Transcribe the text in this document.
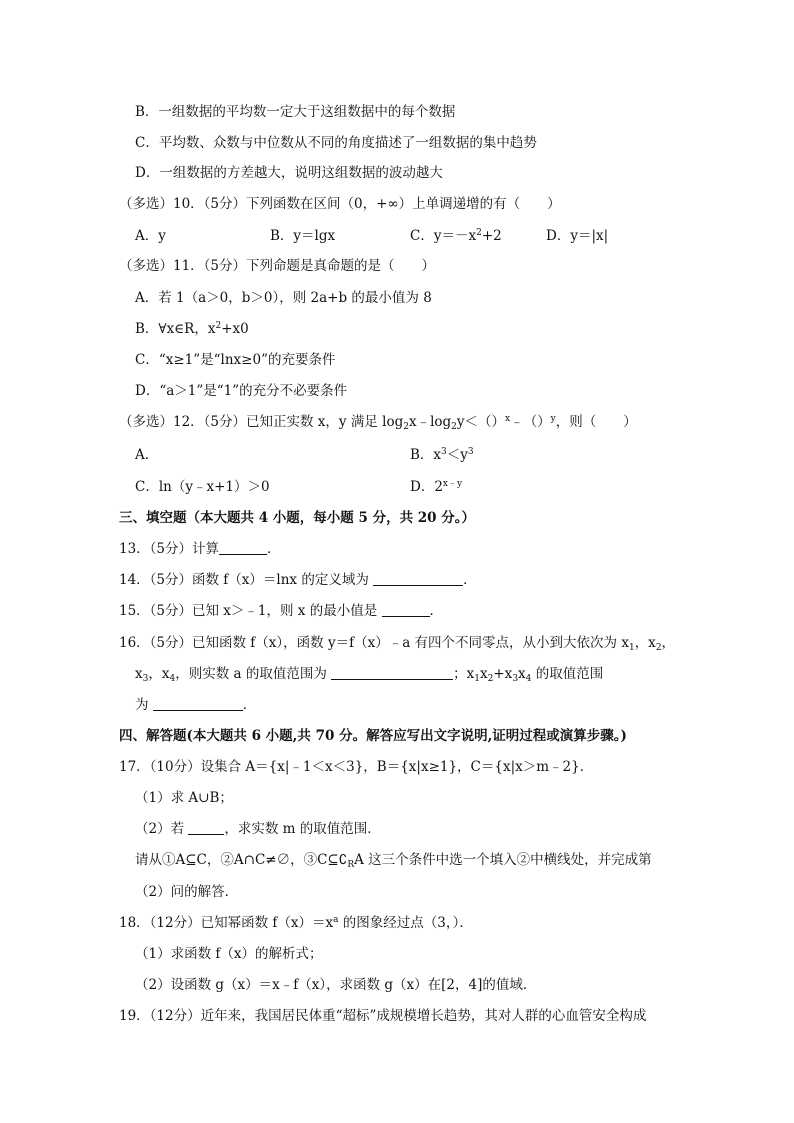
B．一组数据的平均数一定大于这组数据中的每个数据
C．平均数、众数与中位数从不同的角度描述了一组数据的集中趋势
D．一组数据的方差越大，说明这组数据的波动越大
（多选）10．（5分）下列函数在区间（0，+∞）上单调递增的有（　　）
A．y	B．y＝lgx	C．$y=-x^2+2$	D．y＝|x|
（多选）11．（5分）下列命题是真命题的是（　　）
A．若 1（a＞0，b＞0），则 2a+b 的最小值为 8
B．∀x∈R，$x^2+x0$
C．“x≥1”是“lnx≥0”的充要条件
D．“a＞1”是“1”的充分不必要条件
（多选）12．（5分）已知正实数 x，y 满足 $\log_2x﹣\log_2y<()^x﹣()^y$，则（　　）
A．	B．$x^3<y^3$
C．ln（y﹣x+1）＞0	D．$2^{x﹣y}$
三、填空题（本大题共 4 小题，每小题 5 分，共 20 分。）
13．（5分）计算	．
14．（5分）函数 f（x）＝lnx 的定义域为	．
15．（5分）已知 x＞﹣1，则 x 的最小值是	．
16．（5分）已知函数 f（x），函数 y＝f（x）﹣a 有四个不同零点，从小到大依次为 $x_1$，$x_2$，
$x_3$，$x_4$，则实数 a 的取值范围为	；$x_1x_2+x_3x_4$ 的取值范围
为	．
四、解答题(本大题共 6 小题,共 70 分。解答应写出文字说明,证明过程或演算步骤。)
17．（10分）设集合 A＝{x|﹣1＜x＜3}，B＝{x|x≥1}，C＝{x|x＞m﹣2}．
（1）求 A∪B；
（2）若	，求实数 m 的取值范围．
请从①A⊆C，②A∩C≠∅，$③C⊆∁_RA$ 这三个条件中选一个填入②中横线处，并完成第
（2）问的解答．
18．（12分）已知幂函数 $f(x)=x^a$ 的图象经过点（3，）．
（1）求函数 f（x）的解析式；
（2）设函数 g（x）＝x﹣f（x），求函数 g（x）在[2，4]的值域．
19．（12分）近年来，我国居民体重“超标”成规模增长趋势，其对人群的心血管安全构成
